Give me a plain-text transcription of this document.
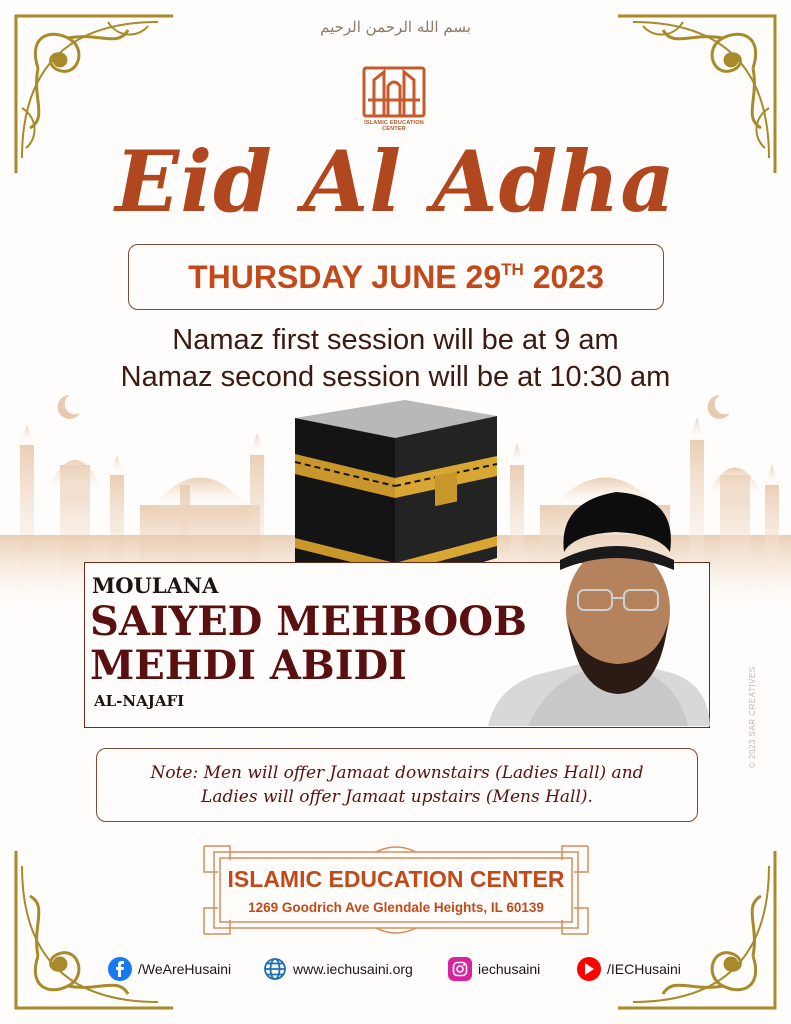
بسم الله الرحمن الرحيم
ISLAMIC EDUCATION CENTER
Eid Al Adha
THURSDAY JUNE 29TH 2023
Namaz first session will be at 9 am
Namaz second session will be at 10:30 am
MOULANA
SAIYED MEHBOOB
MEHDI ABIDI
AL-NAJAFI	© 2023 SAR CREATIVES
Note: Men will offer Jamaat downstairs (Ladies Hall) and
Ladies will offer Jamaat upstairs (Mens Hall).
ISLAMIC EDUCATION CENTER
1269 Goodrich Ave Glendale Heights, IL 60139
/WeAreHusaini	www.iechusaini.org	iechusaini	/IECHusaini
